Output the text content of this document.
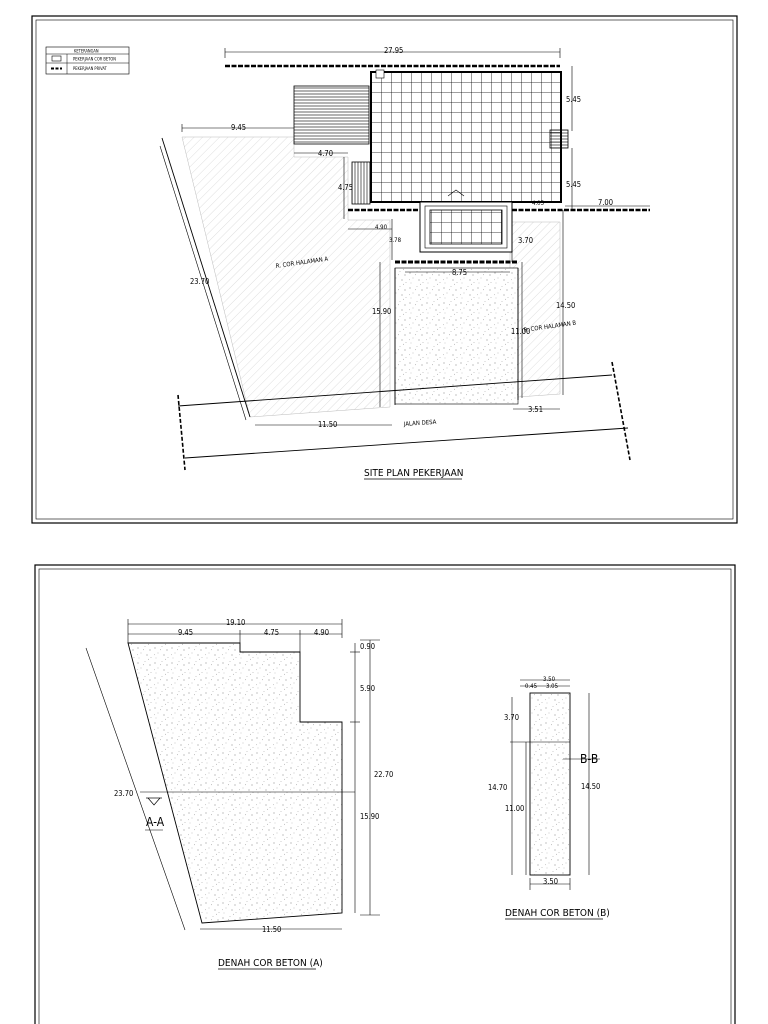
KETERANGAN
PEKERJAAN COR BETON
PEKERJAAN PRIVAT
27.95
9.45
4.70
4.75
4.90
3.78	3.70
8.75
5.45
5.45
7.00
4.05
23.70
15.90
11.00
14.50
11.50
3.51
R. COR HALAMAN A
R. COR HALAMAN B
JALAN DESA
SITE PLAN PEKERJAAN
A-A
19.10
9.45	4.75	4.90
0.90
5.90
22.70
15.90
23.70
11.50
DENAH COR BETON (A)
3.50
0.45 3.05
3.70
14.70
11.00
14.50
3.50
B-B
DENAH COR BETON (B)
